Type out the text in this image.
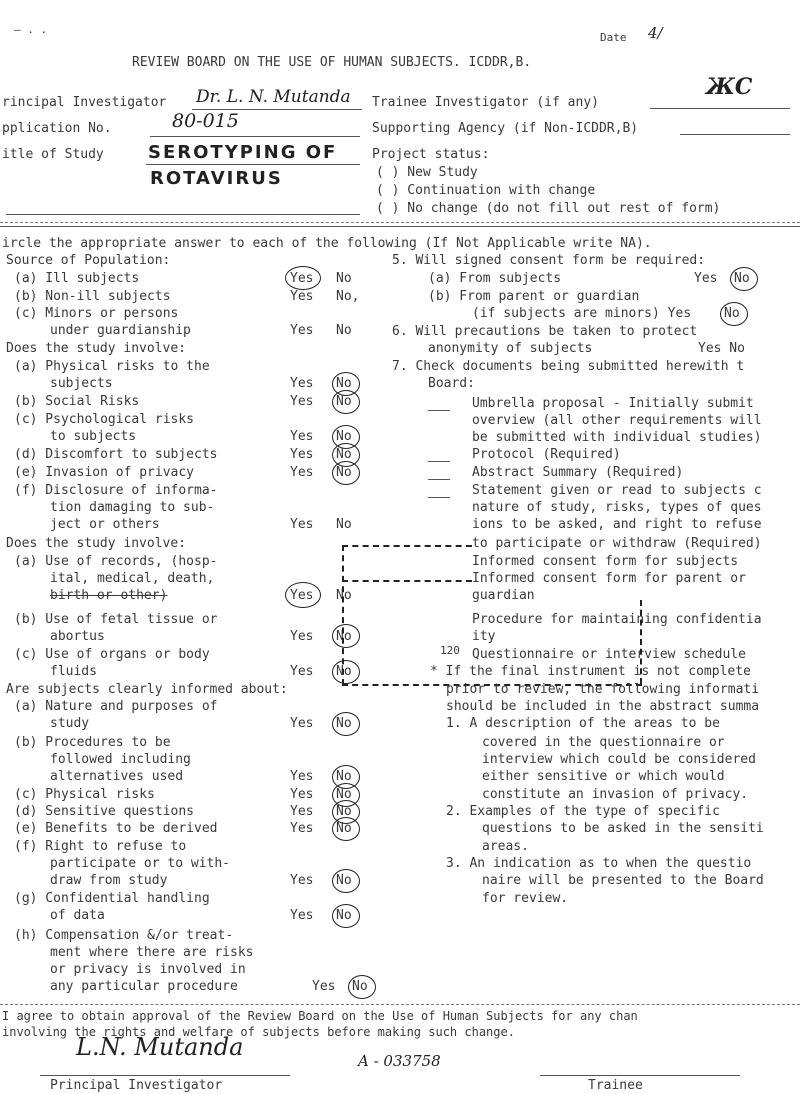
— . .
Date 4/
REVIEW BOARD ON THE USE OF HUMAN SUBJECTS. ICDDR,B.
ЖC
rincipal Investigator Dr. L. N. Mutanda
pplication No.	80-015
itle of Study SEROTYPING OF
ROTAVIRUS
Trainee Investigator (if any)
Supporting Agency (if Non-ICDDR,B)
Project status:
( ) New Study
( ) Continuation with change
( ) No change (do not fill out rest of form)
ircle the appropriate answer to each of the following (If Not Applicable write NA).
Source of Population:
(a) Ill subjects	Yes No
(b) Non-ill subjects	Yes No,
(c) Minors or persons
under guardianship	Yes No
Does the study involve:
(a) Physical risks to the
subjects	Yes No
(b) Social Risks	Yes No
(c) Psychological risks
to subjects	Yes No
(d) Discomfort to subjects	Yes No
(e) Invasion of privacy	Yes No
(f) Disclosure of informa-
tion damaging to sub-
ject or others	Yes No
Does the study involve:
(a) Use of records, (hosp-
ital, medical, death,
birth or other)	Yes No
(b) Use of fetal tissue or
abortus	Yes No
(c) Use of organs or body
fluids	Yes No
Are subjects clearly informed about:
(a) Nature and purposes of
study	Yes No
(b) Procedures to be
followed including
alternatives used	Yes No
(c) Physical risks	Yes No
(d) Sensitive questions	Yes No
(e) Benefits to be derived	Yes No
(f) Right to refuse to
participate or to with-
draw from study	Yes No
(g) Confidential handling
of data	Yes No
(h) Compensation &/or treat-
ment where there are risks
or privacy is involved in
any particular procedure	Yes No
5. Will signed consent form be required:
(a) From subjects	Yes No
(b) From parent or guardian
(if subjects are minors) Yes	No
6. Will precautions be taken to protect
anonymity of subjects	Yes No
7. Check documents being submitted herewith t
Board:
Umbrella proposal - Initially submit
overview (all other requirements will
be submitted with individual studies)
Protocol (Required)
Abstract Summary (Required)
Statement given or read to subjects c
nature of study, risks, types of ques
ions to be asked, and right to refuse
to participate or withdraw (Required)
Informed consent form for subjects
Informed consent form for parent or
guardian
Procedure for maintaining confidentia
ity
Questionnaire or interview schedule
120
* If the final instrument is not complete
prior to review, the following informati
should be included in the abstract summa
1. A description of the areas to be
covered in the questionnaire or
interview which could be considered
either sensitive or which would
constitute an invasion of privacy.
2. Examples of the type of specific
questions to be asked in the sensiti
areas.
3. An indication as to when the questio
naire will be presented to the Board
for review.
I agree to obtain approval of the Review Board on the Use of Human Subjects for any chan
involving the rights and welfare of subjects before making such change.
L.N. Mutanda	A - 033758
Principal Investigator	Trainee
